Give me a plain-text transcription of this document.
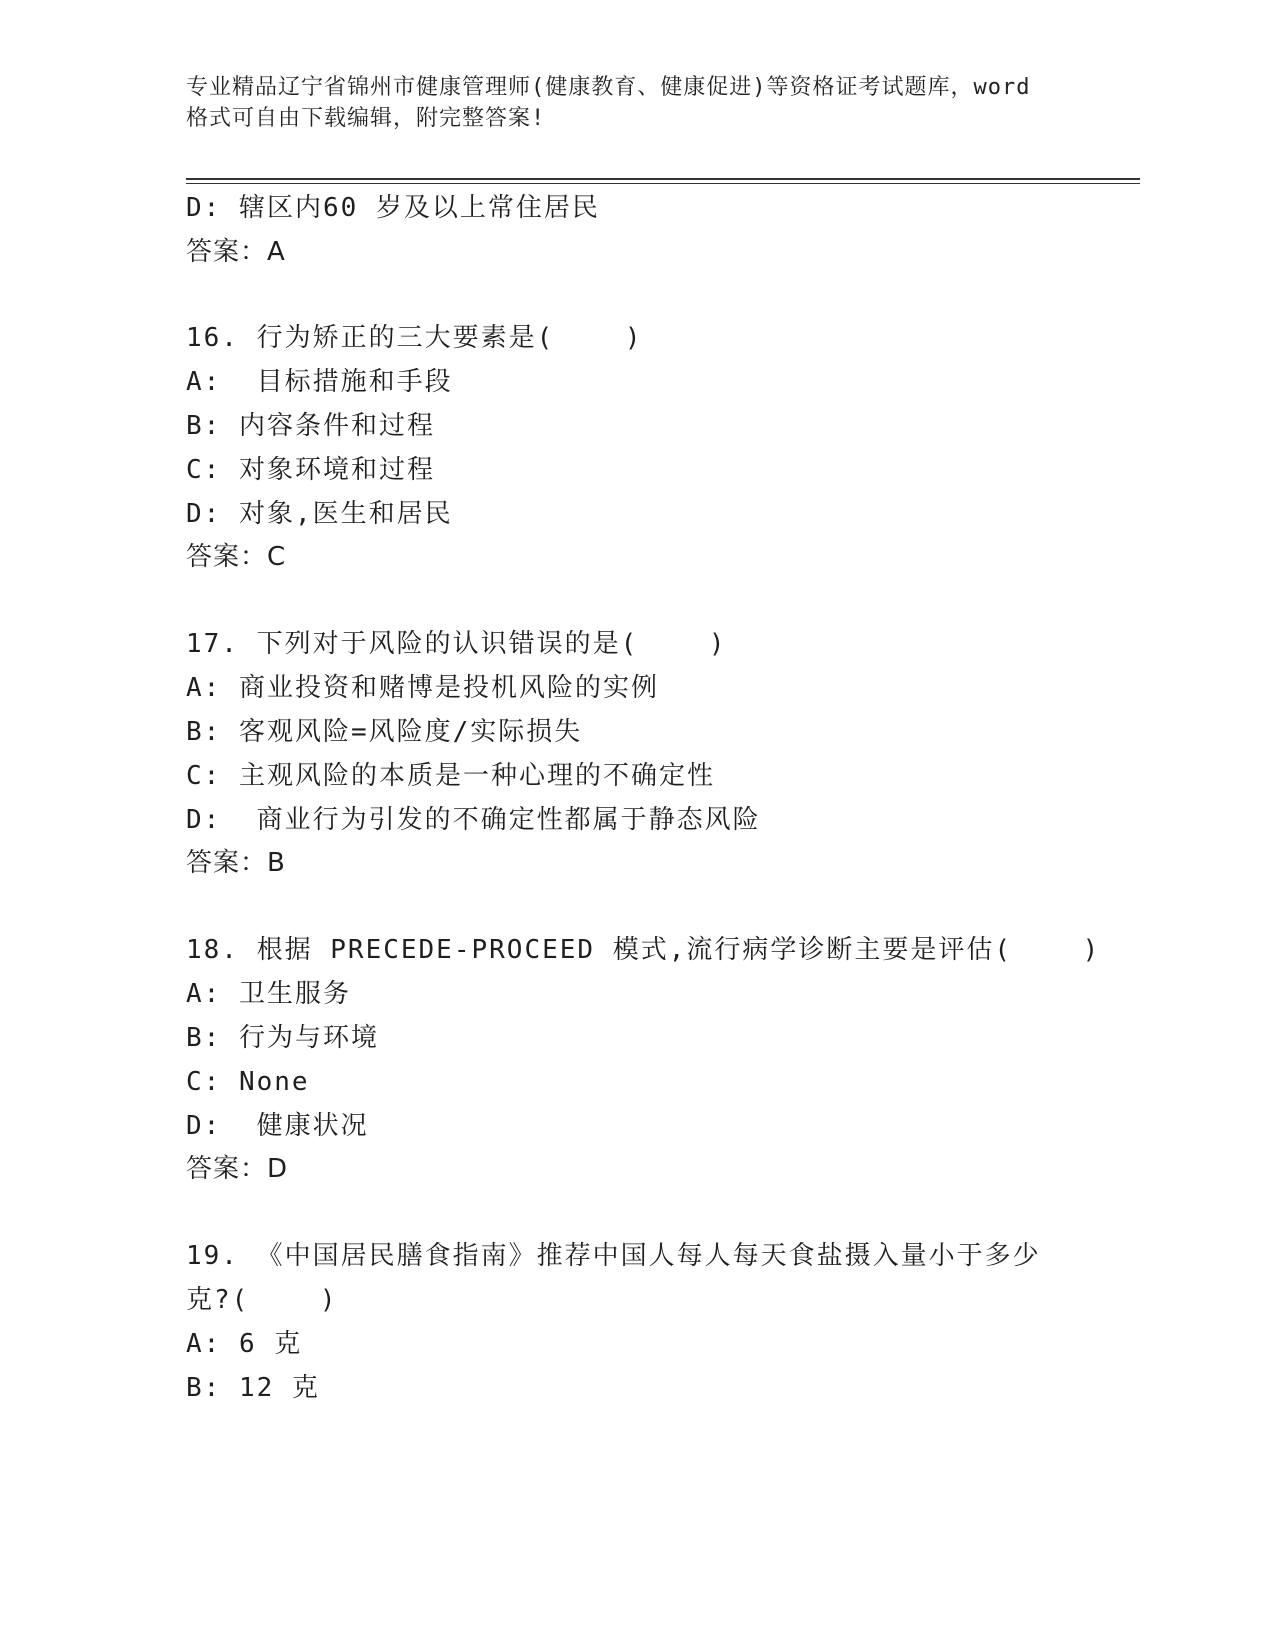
专业精品辽宁省锦州市健康管理师(健康教育、健康促进)等资格证考试题库，word
格式可自由下载编辑，附完整答案!
D: 辖区内60 岁及以上常住居民
答案：A
16. 行为矫正的三大要素是(    )
A:  目标措施和手段
B: 内容条件和过程
C: 对象环境和过程
D: 对象,医生和居民
答案：C
17. 下列对于风险的认识错误的是(    )
A: 商业投资和赌博是投机风险的实例
B: 客观风险=风险度/实际损失
C: 主观风险的本质是一种心理的不确定性
D:  商业行为引发的不确定性都属于静态风险
答案：B
18. 根据 PRECEDE-PROCEED 模式,流行病学诊断主要是评估(    )
A: 卫生服务
B: 行为与环境
C: None
D:  健康状况
答案：D
19. 《中国居民膳食指南》推荐中国人每人每天食盐摄入量小于多少
克?(    )
A: 6 克
B: 12 克
